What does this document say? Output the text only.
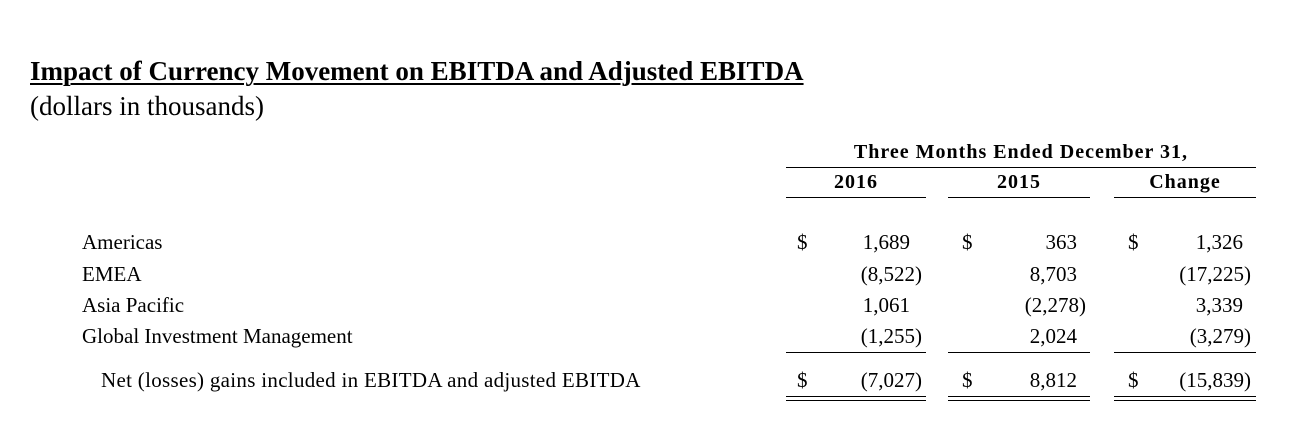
Impact of Currency Movement on EBITDA and Adjusted EBITDA
(dollars in thousands)
Three Months Ended December 31,
2016	2015	Change
Americas	$	1,689 $	363 $	1,326
EMEA	(8,522)	8,703	(17,225)
Asia Pacific	1,061	(2,278)	3,339
Global Investment Management	(1,255)	2,024	(3,279)
Net (losses) gains included in EBITDA and adjusted EBITDA	$	(7,027) $	8,812 $ (15,839)
